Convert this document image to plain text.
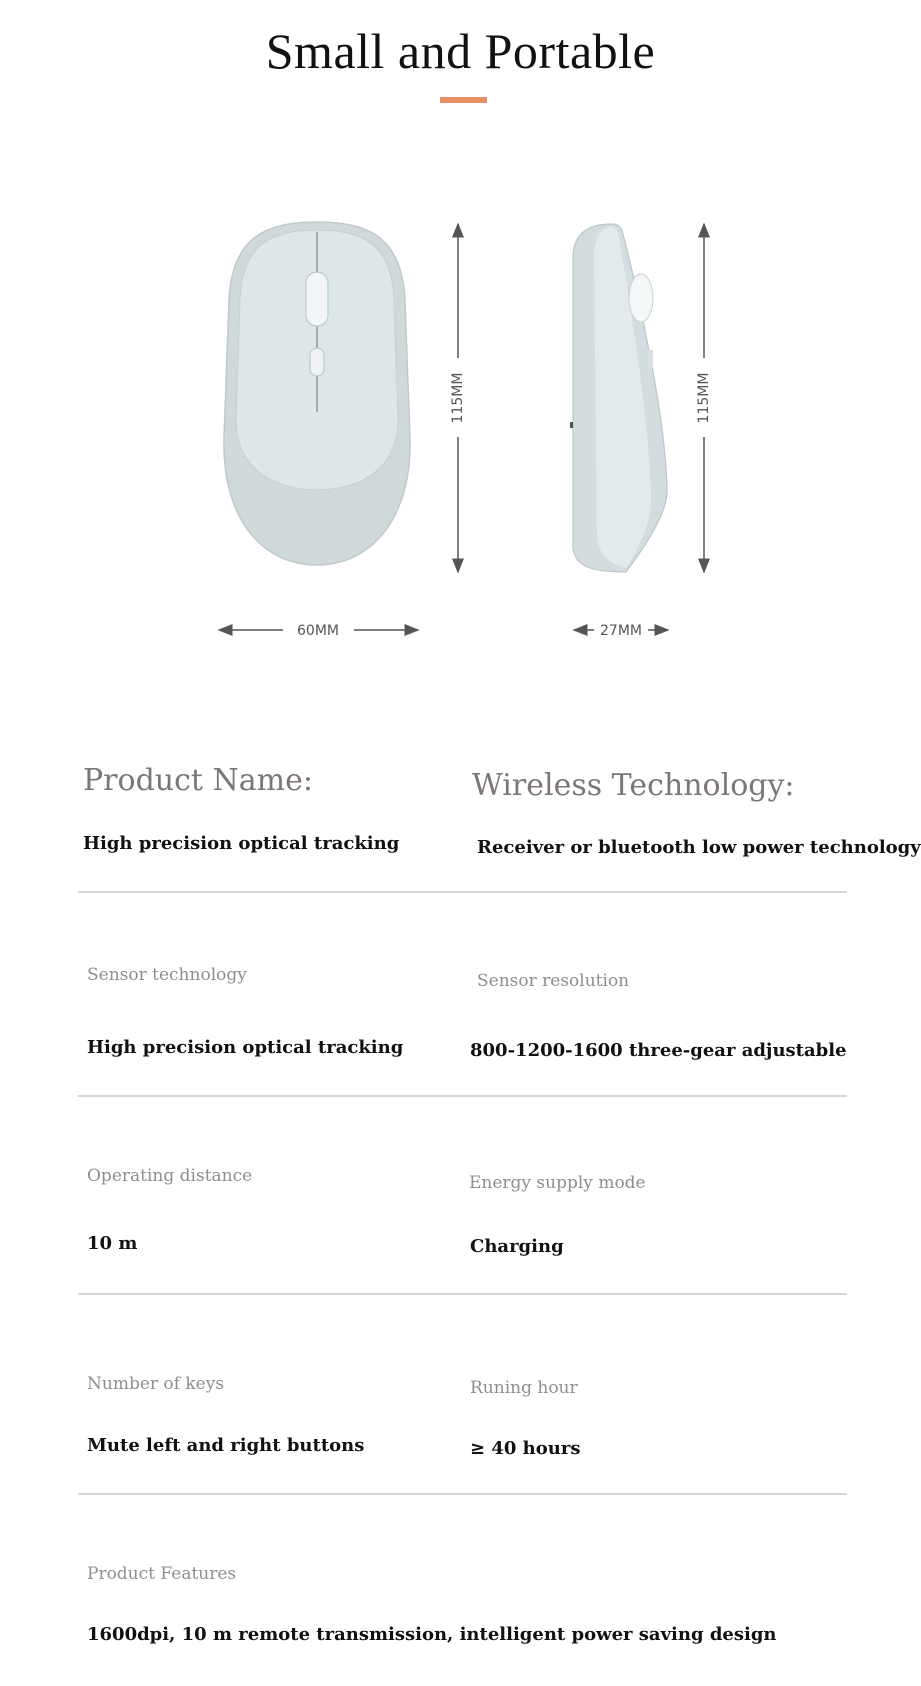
Small and Portable
115MM	115MM
60MM	27MM
Product Name:
High precision optical tracking
Wireless Technology:
Receiver or bluetooth low power technology
Sensor technology
High precision optical tracking
Sensor resolution
800-1200-1600 three-gear adjustable
Operating distance
10 m
Energy supply mode
Charging
Number of keys
Mute left and right buttons
Runing hour
≥ 40 hours
Product Features
1600dpi, 10 m remote transmission, intelligent power saving design
